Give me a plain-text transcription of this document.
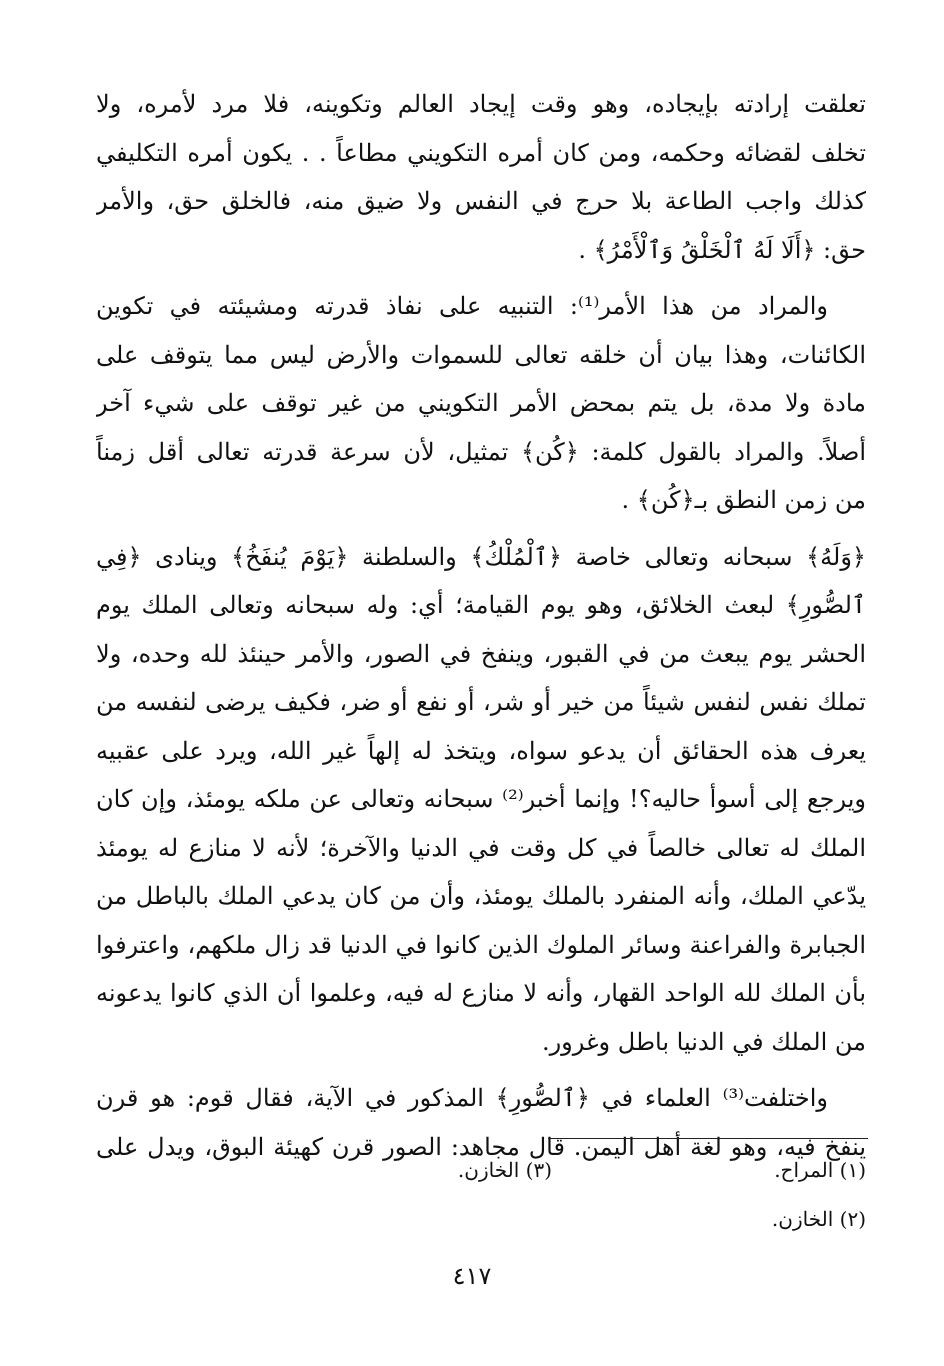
تعلقت إرادته بإيجاده، وهو وقت إيجاد العالم وتكوينه، فلا مرد لأمره، ولا
تخلف لقضائه وحكمه، ومن كان أمره التكويني مطاعاً . . يكون أمره التكليفي
كذلك واجب الطاعة بلا حرج في النفس ولا ضيق منه، فالخلق حق، والأمر
حق: ﴿أَلَا لَهُ ٱلْخَلْقُ وَٱلْأَمْرُ﴾ .

والمراد من هذا الأمر⁽¹⁾: التنبيه على نفاذ قدرته ومشيئته في تكوين

الكائنات، وهذا بيان أن خلقه تعالى للسموات والأرض ليس مما يتوقف على
مادة ولا مدة، بل يتم بمحض الأمر التكويني من غير توقف على شيء آخر
أصلاً. والمراد بالقول كلمة: ﴿كُن﴾ تمثيل، لأن سرعة قدرته تعالى أقل زمناً
من زمن النطق بـ﴿كُن﴾ .

﴿وَلَهُ﴾ سبحانه وتعالى خاصة ﴿ٱلْمُلْكُ﴾ والسلطنة ﴿يَوْمَ يُنفَخُ﴾ وينادى ﴿فِي
ٱلصُّورِ﴾ لبعث الخلائق، وهو يوم القيامة؛ أي: وله سبحانه وتعالى الملك يوم
الحشر يوم يبعث من في القبور، وينفخ في الصور، والأمر حينئذ لله وحده، ولا
تملك نفس لنفس شيئاً من خير أو شر، أو نفع أو ضر، فكيف يرضى لنفسه من
يعرف هذه الحقائق أن يدعو سواه، ويتخذ له إلهاً غير الله، ويرد على عقبيه
ويرجع إلى أسوأ حاليه؟! وإنما أخبر⁽²⁾ سبحانه وتعالى عن ملكه يومئذ، وإن كان
الملك له تعالى خالصاً في كل وقت في الدنيا والآخرة؛ لأنه لا منازع له يومئذ
يدّعي الملك، وأنه المنفرد بالملك يومئذ، وأن من كان يدعي الملك بالباطل من
الجبابرة والفراعنة وسائر الملوك الذين كانوا في الدنيا قد زال ملكهم، واعترفوا
بأن الملك لله الواحد القهار، وأنه لا منازع له فيه، وعلموا أن الذي كانوا يدعونه
من الملك في الدنيا باطل وغرور.

واختلفت⁽³⁾ العلماء في ﴿ٱلصُّورِ﴾ المذكور في الآية، فقال قوم: هو قرن

ينفخ فيه، وهو لغة أهل اليمن. قال مجاهد: الصور قرن كهيئة البوق، ويدل على

(١) المراح.
(٣) الخازن.
(٢) الخازن.
٤١٧
